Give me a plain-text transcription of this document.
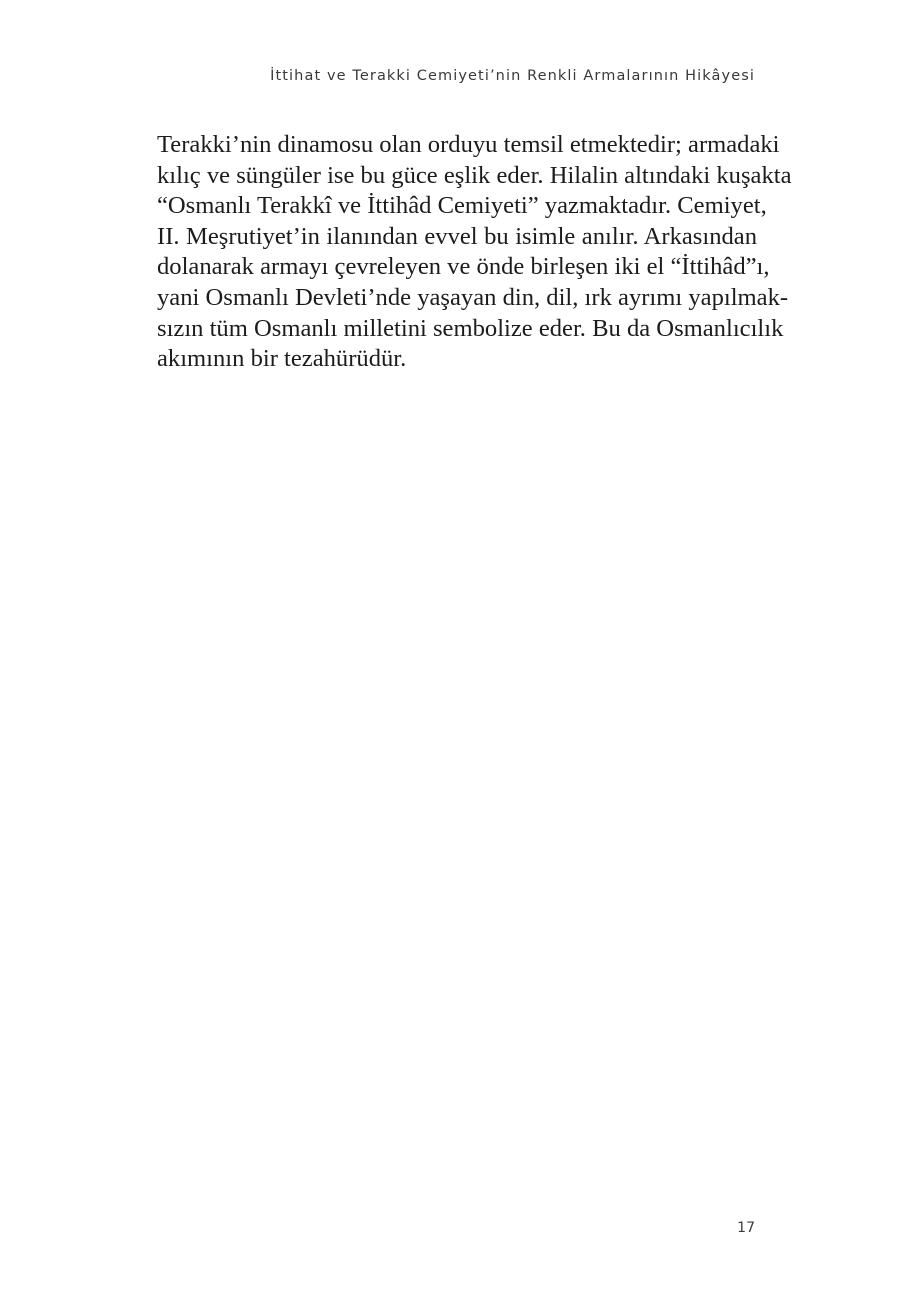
İttihat ve Terakki Cemiyeti’nin Renkli Armalarının Hikâyesi
Terakki’nin dinamosu olan orduyu temsil etmektedir; armadaki
kılıç ve süngüler ise bu güce eşlik eder. Hilalin altındaki kuşakta
“Osmanlı Terakkî ve İttihâd Cemiyeti” yazmaktadır. Cemiyet,
II. Meşrutiyet’in ilanından evvel bu isimle anılır. Arkasından
dolanarak armayı çevreleyen ve önde birleşen iki el “İttihâd”ı,
yani Osmanlı Devleti’nde yaşayan din, dil, ırk ayrımı yapılmak-
sızın tüm Osmanlı milletini sembolize eder. Bu da Osmanlıcılık
akımının bir tezahürüdür.
17
